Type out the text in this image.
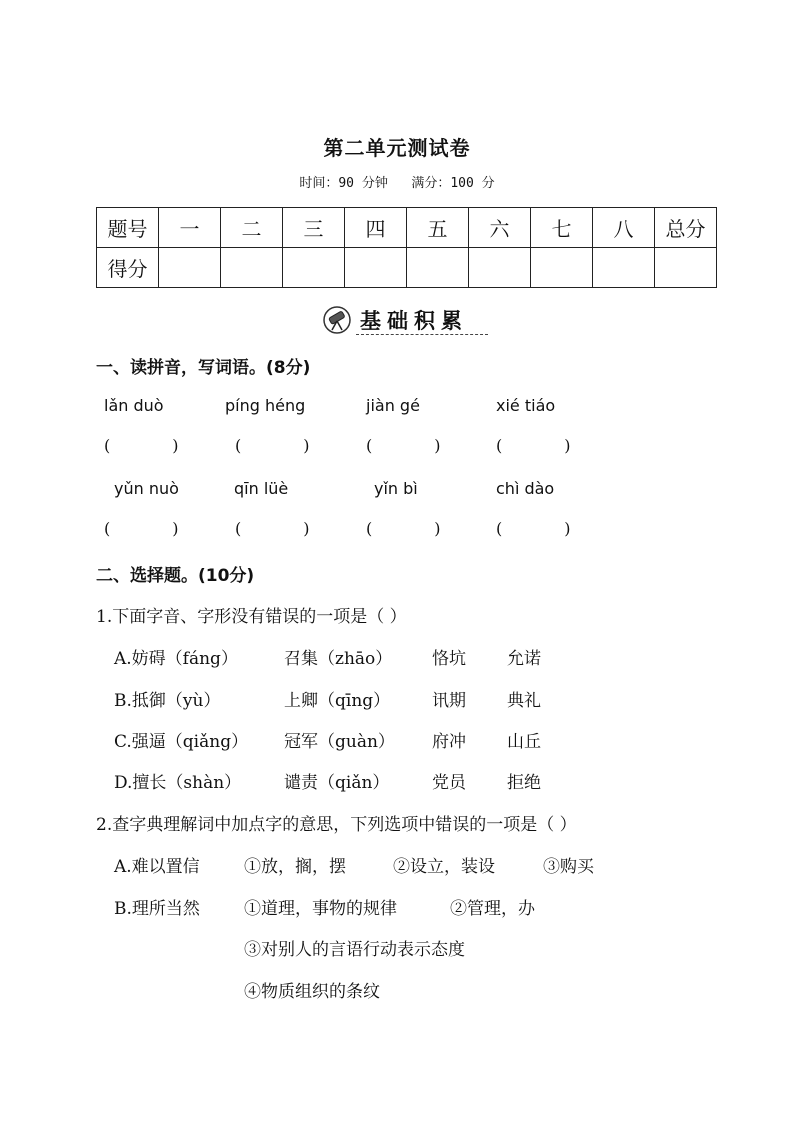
第二单元测试卷
时间：90 分钟   满分：100 分
题号	一	二	三	四	五	六	七	八	总分
得分									
基础积累
一、读拼音，写词语。(8分)
lǎn duò	píng héng	jiàn gé	xié tiáo
(	)	(	)	(	)	(	)
yǔn nuò	qīn lüè	yǐn bì	chì dào
(	)	(	)	(	)	(	)
二、选择题。(10分)
1.下面字音、字形没有错误的一项是（ ）
A.妨碍（fáng）	召集（zhāo） 恪坑 允诺
B.抵御（yù）	上卿（qīng） 讯期 典礼
C.强逼（qiǎng） 冠军（guàn） 府冲 山丘
D.擅长（shàn）	谴责（qiǎn）	党员 拒绝
2.查字典理解词中加点字的意思，下列选项中错误的一项是（ ）
A.难以置信	①放，搁，摆	②设立，装设	③购买
B.理所当然	①道理，事物的规律	②管理，办
③对别人的言语行动表示态度
④物质组织的条纹
